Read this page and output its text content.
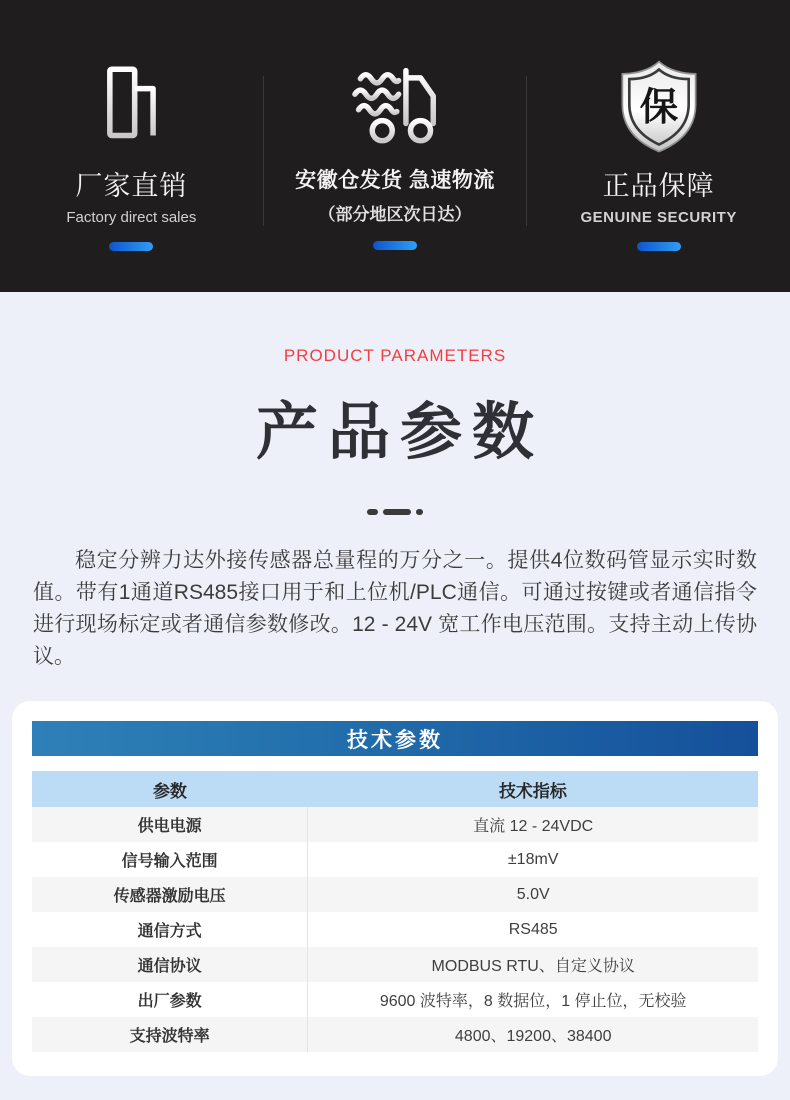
厂家直销
Factory direct sales
安徽仓发货 急速物流
（部分地区次日达）
保
正品保障
GENUINE SECURITY
PRODUCT PARAMETERS
产品参数

稳定分辨力达外接传感器总量程的万分之一。提供4位数码管显示实时数值。带有1通道RS485接口用于和上位机/PLC通信。可通过按键或者通信指令进行现场标定或者通信参数修改。12 - 24V 宽工作电压范围。支持主动上传协议。

技术参数
参数	技术指标
供电电源	直流 12 - 24VDC
信号输入范围	±18mV
传感器激励电压	5.0V
通信方式	RS485
通信协议	MODBUS RTU、自定义协议
出厂参数	9600 波特率，8 数据位，1 停止位，无校验
支持波特率	4800、19200、38400
